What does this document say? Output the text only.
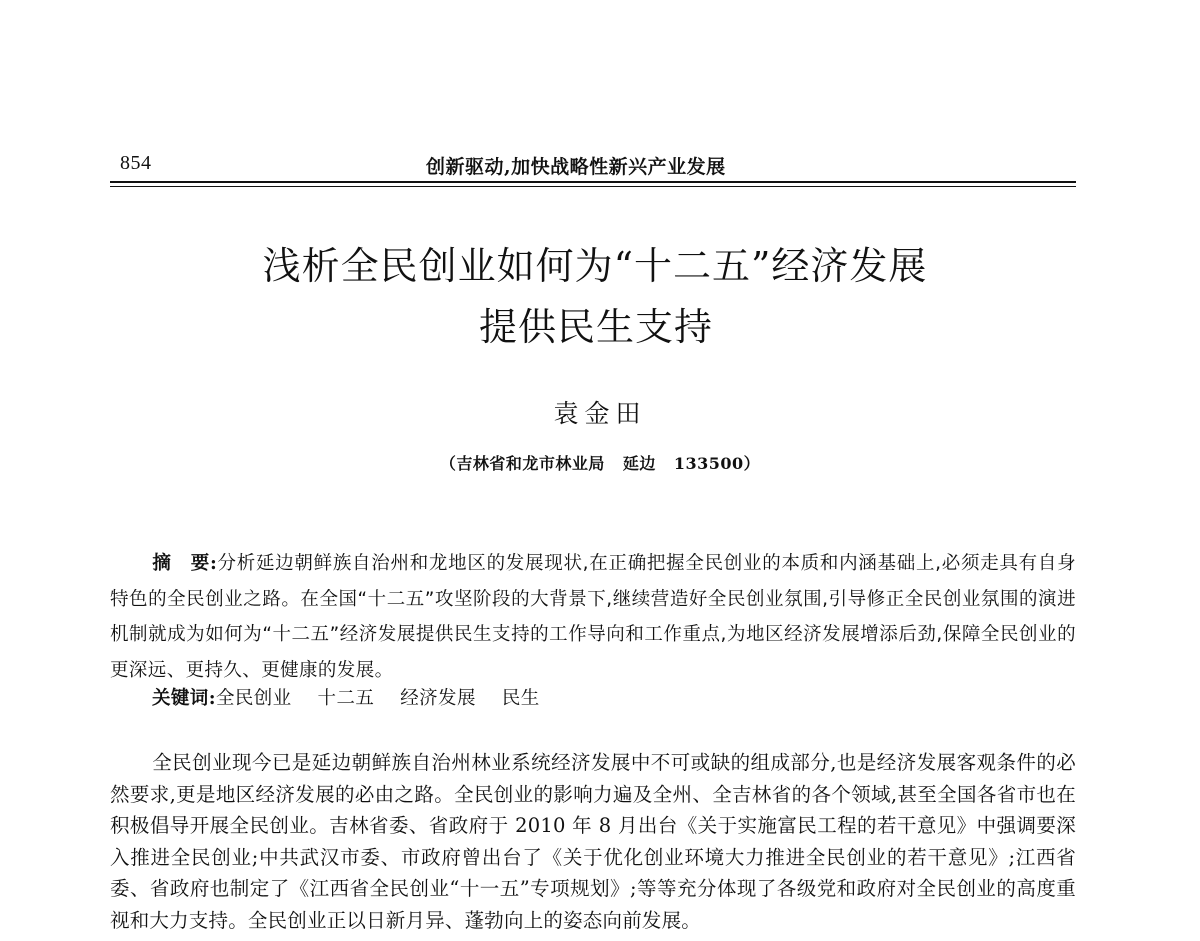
854	创新驱动,加快战略性新兴产业发展
浅析全民创业如何为“十二五”经济发展
提供民生支持
袁金田
（吉林省和龙市林业局 延边 133500）
摘　要:分析延边朝鲜族自治州和龙地区的发展现状,在正确把握全民创业的本质和内涵基础上,必须走具有自身特色的全民创业之路。在全国“十二五”攻坚阶段的大背景下,继续营造好全民创业氛围,引导修正全民创业氛围的演进机制就成为如何为“十二五”经济发展提供民生支持的工作导向和工作重点,为地区经济发展增添后劲,保障全民创业的更深远、更持久、更健康的发展。
关键词:全民创业 十二五 经济发展 民生
全民创业现今已是延边朝鲜族自治州林业系统经济发展中不可或缺的组成部分,也是经济发展客观条件的必然要求,更是地区经济发展的必由之路。全民创业的影响力遍及全州、全吉林省的各个领域,甚至全国各省市也在积极倡导开展全民创业。吉林省委、省政府于 2010 年 8 月出台《关于实施富民工程的若干意见》中强调要深入推进全民创业;中共武汉市委、市政府曾出台了《关于优化创业环境大力推进全民创业的若干意见》;江西省委、省政府也制定了《江西省全民创业“十一五”专项规划》;等等充分体现了各级党和政府对全民创业的高度重视和大力支持。全民创业正以日新月异、蓬勃向上的姿态向前发展。
